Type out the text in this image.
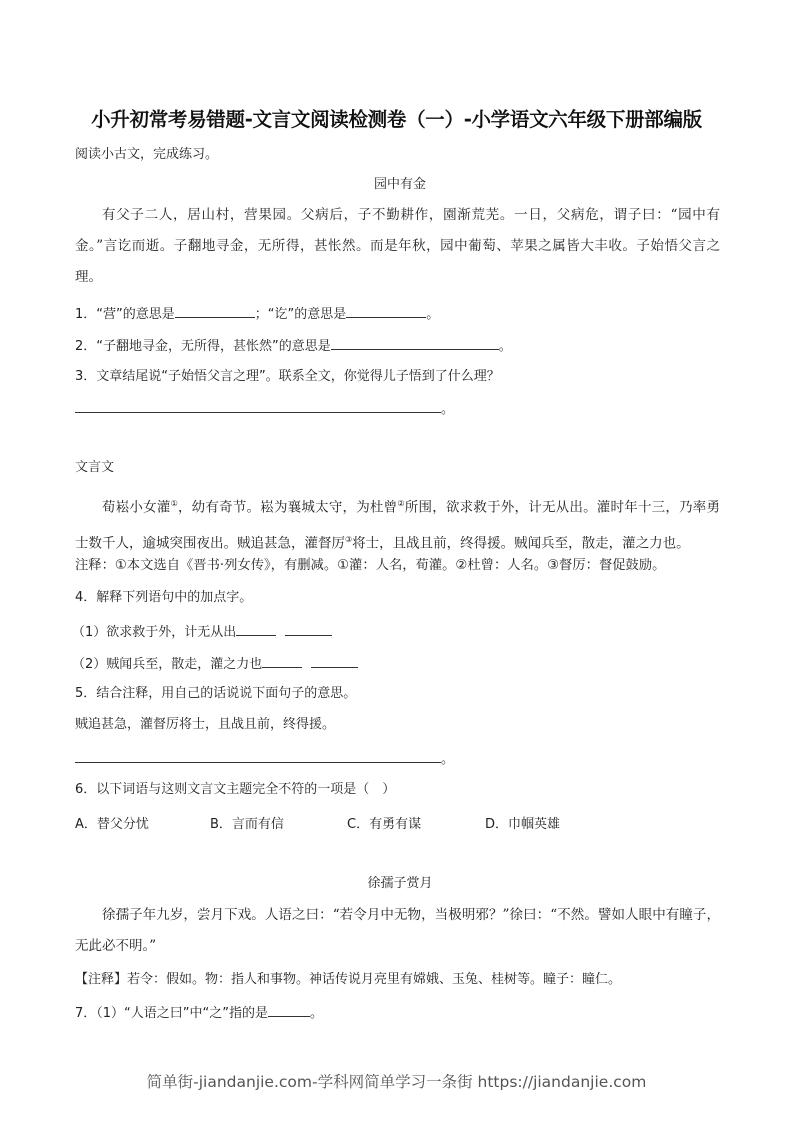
小升初常考易错题-文言文阅读检测卷（一）-小学语文六年级下册部编版
阅读小古文，完成练习。
园中有金
有父子二人，居山村，营果园。父病后，子不勤耕作，園渐荒芜。一日，父病危，谓子曰：“园中有金。”言讫而逝。子翻地寻金，无所得，甚怅然。而是年秋，园中葡萄、苹果之属皆大丰收。子始悟父言之理。
1．“营”的意思是	；“讫”的意思是	。
2．“子翻地寻金，无所得，甚怅然”的意思是	。
3．文章结尾说“子始悟父言之理”。联系全文，你觉得儿子悟到了什么理？
。
文言文
荀崧小女灌①，幼有奇节。崧为襄城太守，为杜曾②所围，欲求救于外，计无从出。灌时年十三，乃率勇士数千人，逾城突围夜出。贼追甚急，灌督厉③将士，且战且前，终得援。贼闻兵至，散走，灌之力也。
注释：①本文选自《晋书·列女传》，有删减。①灌：人名，荀灌。②杜曾：人名。③督厉：督促鼓励。
4．解释下列语句中的加点字。
（1）欲求救于外，计无从出
（2）贼闻兵至，散走，灌之力也
5．结合注释，用自己的话说说下面句子的意思。
贼追甚急，灌督厉将士，且战且前，终得援。
。
6．以下词语与这则文言文主题完全不符的一项是（　）
A．替父分忧	B．言而有信	C．有勇有谋	D．巾帼英雄
徐孺子赏月
徐孺子年九岁，尝月下戏。人语之曰：“若令月中无物，当极明邪？”徐曰：“不然。譬如人眼中有瞳子，无此必不明。”
【注释】若令：假如。物：指人和事物。神话传说月亮里有嫦娥、玉兔、桂树等。瞳子：瞳仁。
7．（1）“人语之曰”中“之”指的是	。
简单街-jiandanjie.com-学科网简单学习一条街 https://jiandanjie.com
